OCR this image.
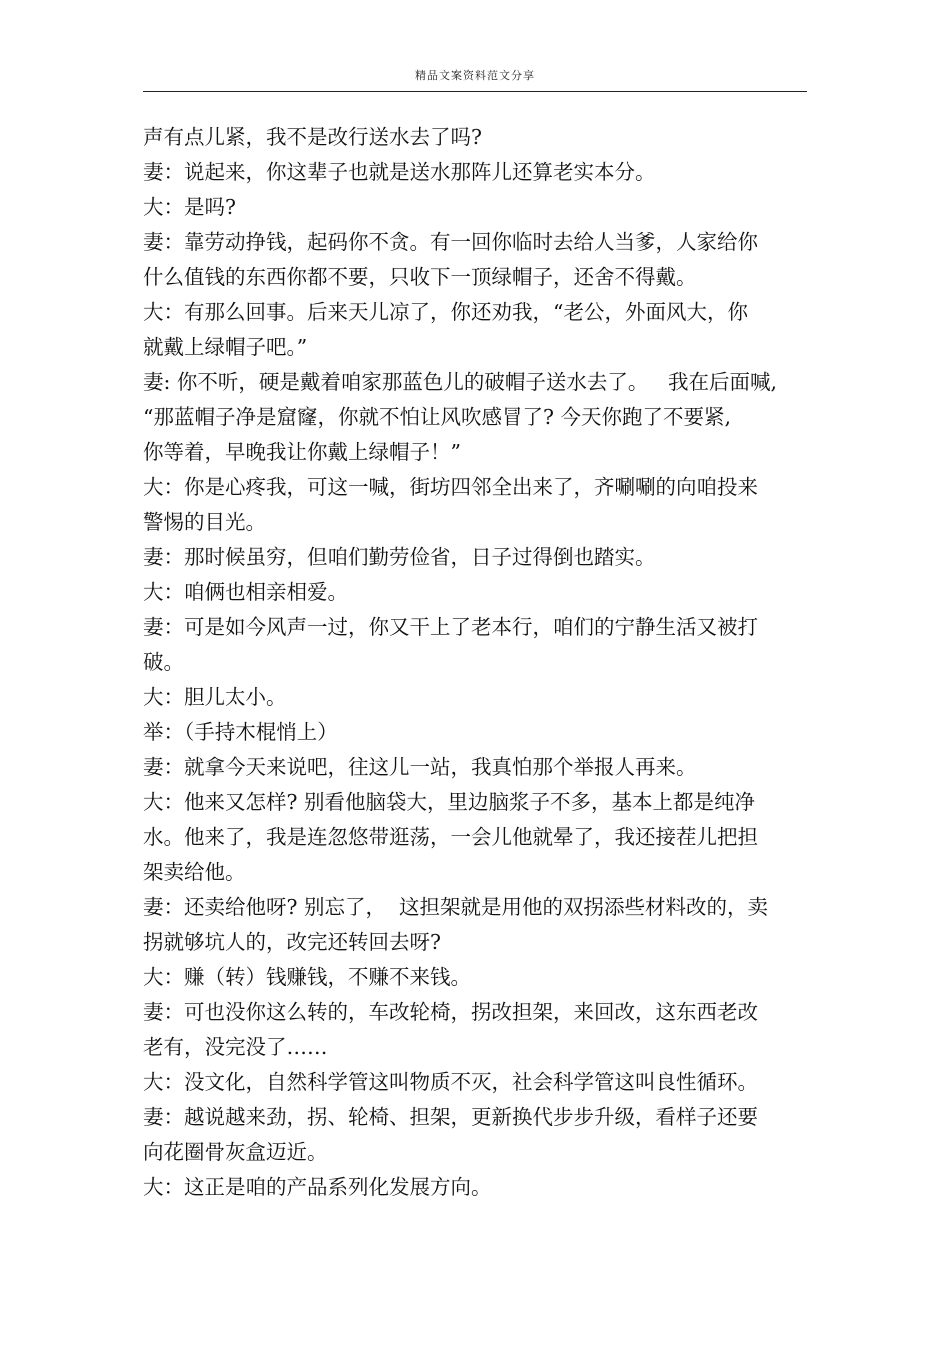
精品文案资料范文分享
声有点儿紧，我不是改行送水去了吗?
妻：说起来，你这辈子也就是送水那阵儿还算老实本分。
大：是吗?
妻：靠劳动挣钱，起码你不贪。有一回你临时去给人当爹，人家给你
什么值钱的东西你都不要，只收下一顶绿帽子，还舍不得戴。
大：有那么回事。后来天儿凉了，你还劝我，“老公，外面风大，你
就戴上绿帽子吧。”
妻: 你不听，硬是戴着咱家那蓝色儿的破帽子送水去了。   我在后面喊,
“那蓝帽子净是窟窿，你就不怕让风吹感冒了? 今天你跑了不要紧,
你等着，早晚我让你戴上绿帽子！”
大：你是心疼我，可这一喊，街坊四邻全出来了，齐唰唰的向咱投来
警惕的目光。
妻：那时候虽穷，但咱们勤劳俭省，日子过得倒也踏实。
大：咱俩也相亲相爱。
妻：可是如今风声一过，你又干上了老本行，咱们的宁静生活又被打
破。
大：胆儿太小。
举：（手持木棍悄上）
妻：就拿今天来说吧，往这儿一站，我真怕那个举报人再来。
大：他来又怎样? 别看他脑袋大，里边脑浆子不多，基本上都是纯净
水。他来了，我是连忽悠带逛荡，一会儿他就晕了，我还接茬儿把担
架卖给他。
妻：还卖给他呀? 别忘了，  这担架就是用他的双拐添些材料改的，卖
拐就够坑人的，改完还转回去呀?
大：赚（转）钱赚钱，不赚不来钱。
妻：可也没你这么转的，车改轮椅，拐改担架，来回改，这东西老改
老有，没完没了……
大：没文化，自然科学管这叫物质不灭，社会科学管这叫良性循环。
妻：越说越来劲，拐、轮椅、担架，更新换代步步升级，看样子还要
向花圈骨灰盒迈近。
大：这正是咱的产品系列化发展方向。
